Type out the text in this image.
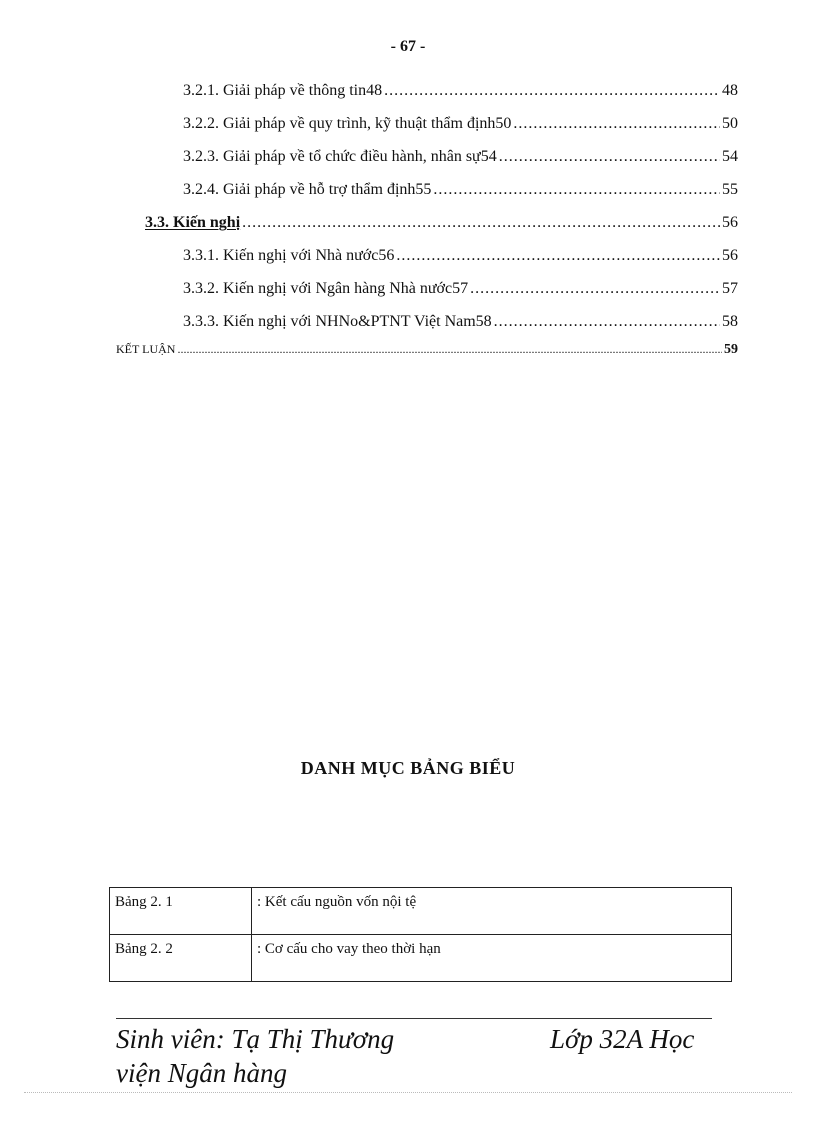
- 67 -
3.2.1. Giải pháp về thông tin48 .....	48
3.2.2. Giải pháp về quy trình, kỹ thuật thẩm định50 .....	50
3.2.3. Giải pháp về tổ chức điều hành, nhân sự54 .....	54
3.2.4. Giải pháp về hỗ trợ thẩm định55 .....	55
3.3. Kiến nghị .....	56
3.3.1. Kiến nghị với Nhà nước56 .....	56
3.3.2. Kiến nghị với Ngân hàng Nhà nước57 .....	57
3.3.3. Kiến nghị với NHNo&PTNT Việt Nam58 .....	58
KẾT LUẬN .....	59
DANH MỤC BẢNG BIỂU
Bảng 2. 1	: Kết cấu nguồn vốn nội tệ
Bảng 2. 2	: Cơ cấu cho vay theo thời hạn
Sinh viên: Tạ Thị Thương	Lớp 32A Học
viện Ngân hàng
